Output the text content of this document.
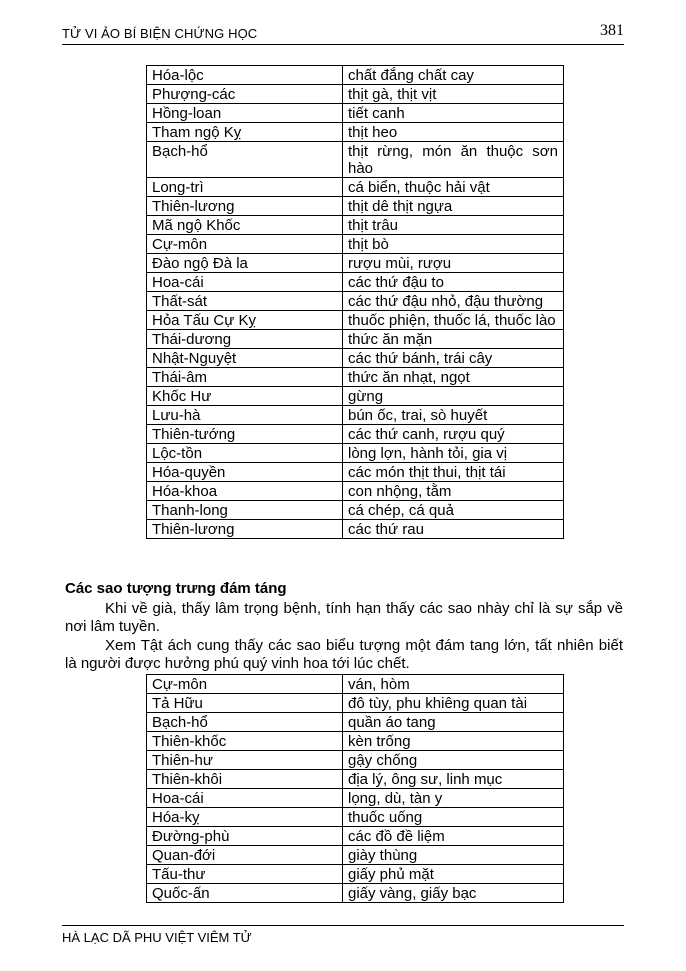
TỬ VI ẢO BÍ BIỆN CHỨNG HỌC	381
Hóa-lộc	chất đắng chất cay
Phượng-các	thịt gà, thịt vịt
Hồng-loan	tiết canh
Tham ngộ Kỵ	thịt heo
Bạch-hổ	thịt rừng, món ăn thuộc sơn hào
Long-trì	cá biển, thuộc hải vật
Thiên-lương	thịt dê thịt ngựa
Mã ngộ Khốc	thịt trâu
Cự-môn	thịt bò
Đào ngộ Đà la	rượu mùi, rượu
Hoa-cái	các thứ đậu to
Thất-sát	các thứ đậu nhỏ, đậu thường
Hỏa Tấu Cự Kỵ	thuốc phiện, thuốc lá, thuốc lào
Thái-dương	thức ăn mặn
Nhật-Nguyệt	các thứ bánh, trái cây
Thái-âm	thức ăn nhạt, ngọt
Khốc Hư	gừng
Lưu-hà	bún ốc, trai, sò huyết
Thiên-tướng	các thứ canh, rượu quý
Lộc-tồn	lòng lợn, hành tỏi, gia vị
Hóa-quyền	các món thịt thui, thịt tái
Hóa-khoa	con nhộng, tằm
Thanh-long	cá chép, cá quả
Thiên-lương	các thứ rau
Các sao tượng trưng đám táng

Khi về già, thấy lâm trọng bệnh, tính hạn thấy các sao nhày chỉ là sự sắp về nơi lâm tuyền.

Xem Tật ách cung thấy các sao biểu tượng một đám tang lớn, tất nhiên biết là người được hưởng phú quý vinh hoa tới lúc chết.

Cự-môn	ván, hòm
Tả Hữu	đô tùy, phu khiêng quan tài
Bạch-hổ	quần áo tang
Thiên-khốc	kèn trống
Thiên-hư	gậy chống
Thiên-khôi	địa lý, ông sư, linh mục
Hoa-cái	lọng, dù, tàn y
Hóa-kỵ	thuốc uống
Đường-phù	các đồ đề liệm
Quan-đới	giày thùng
Tấu-thư	giấy phủ mặt
Quốc-ấn	giấy vàng, giấy bạc
HÀ LẠC DÃ PHU VIỆT VIÊM TỬ
